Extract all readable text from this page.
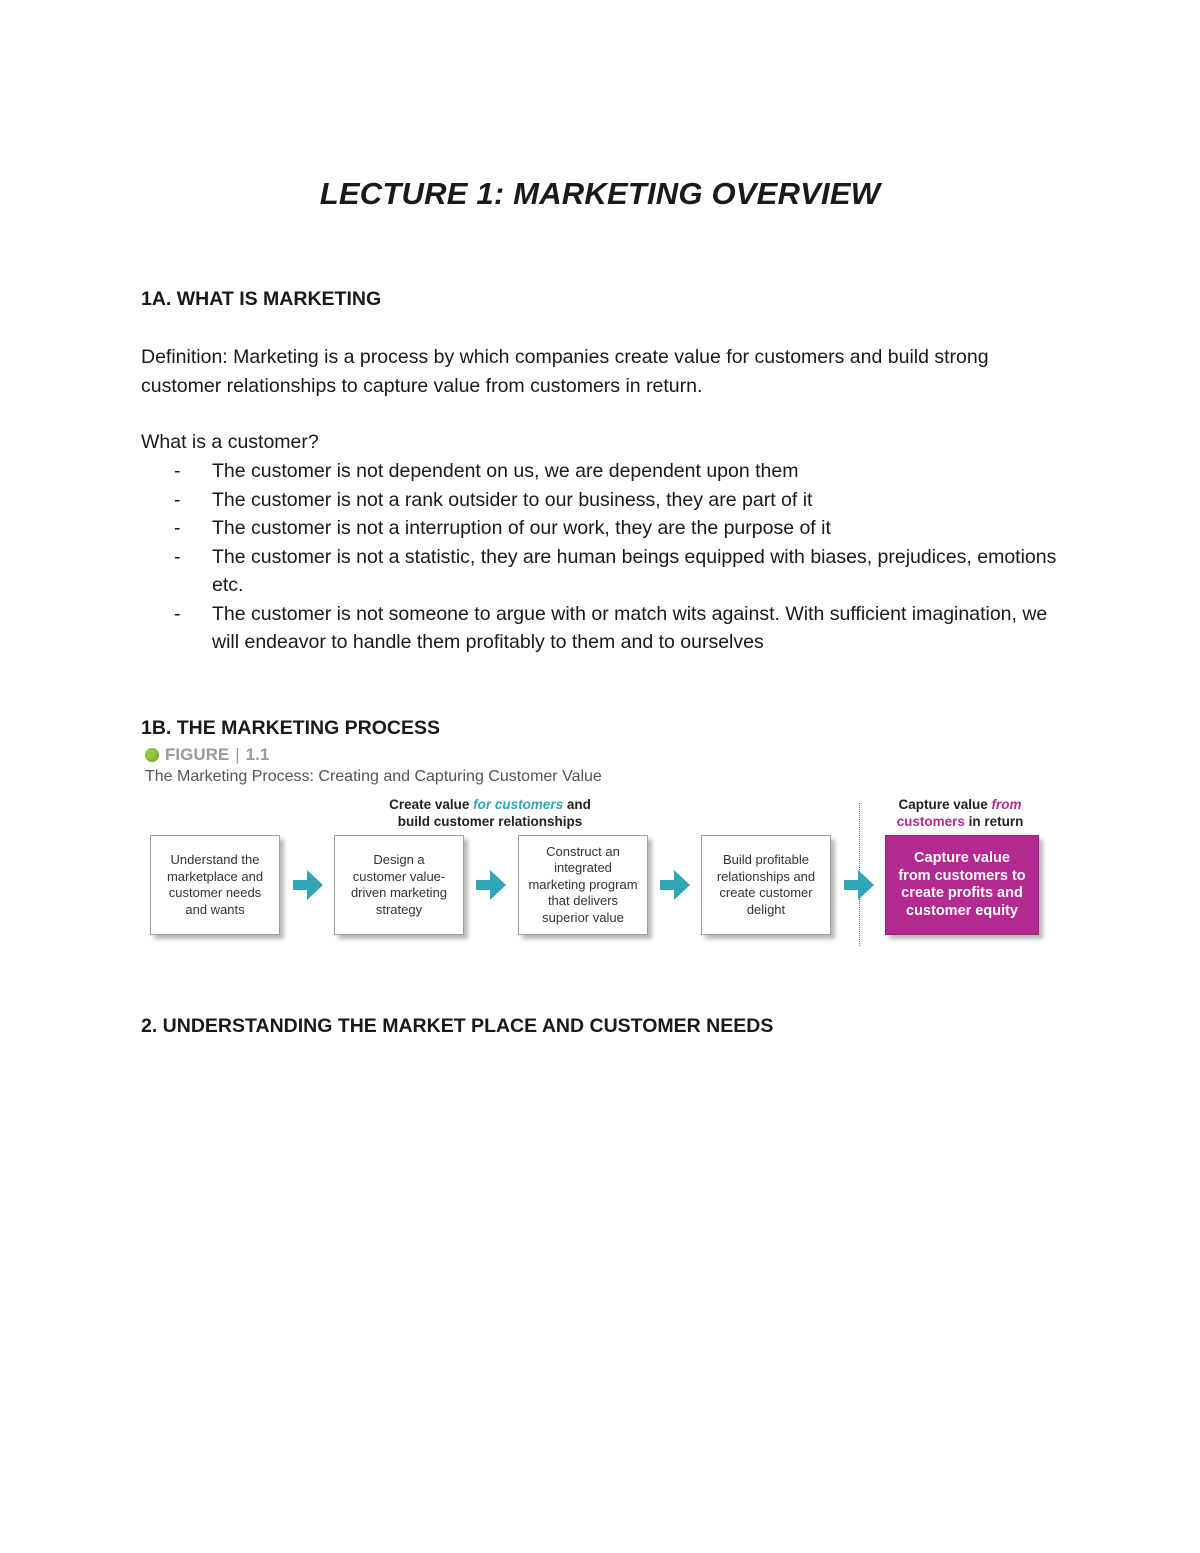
LECTURE 1: MARKETING OVERVIEW
1A. WHAT IS MARKETING
Definition: Marketing is a process by which companies create value for customers and build strong customer relationships to capture value from customers in return.
What is a customer?
- The customer is not dependent on us, we are dependent upon them
- The customer is not a rank outsider to our business, they are part of it
- The customer is not a interruption of our work, they are the purpose of it
- The customer is not a statistic, they are human beings equipped with biases, prejudices, emotions etc.
- The customer is not someone to argue with or match wits against. With sufficient imagination, we will endeavor to handle them profitably to them and to ourselves
1B. THE MARKETING PROCESS
FIGURE | 1.1
The Marketing Process: Creating and Capturing Customer Value
Create value for customers and
build customer relationships
Capture value from
customers in return
Understand the
marketplace and
customer needs
and wants
Design a
customer value-
driven marketing
strategy
Construct an
integrated
marketing program
that delivers
superior value
Build profitable
relationships and
create customer
delight
Capture value
from customers to
create profits and
customer equity
2. UNDERSTANDING THE MARKET PLACE AND CUSTOMER NEEDS
